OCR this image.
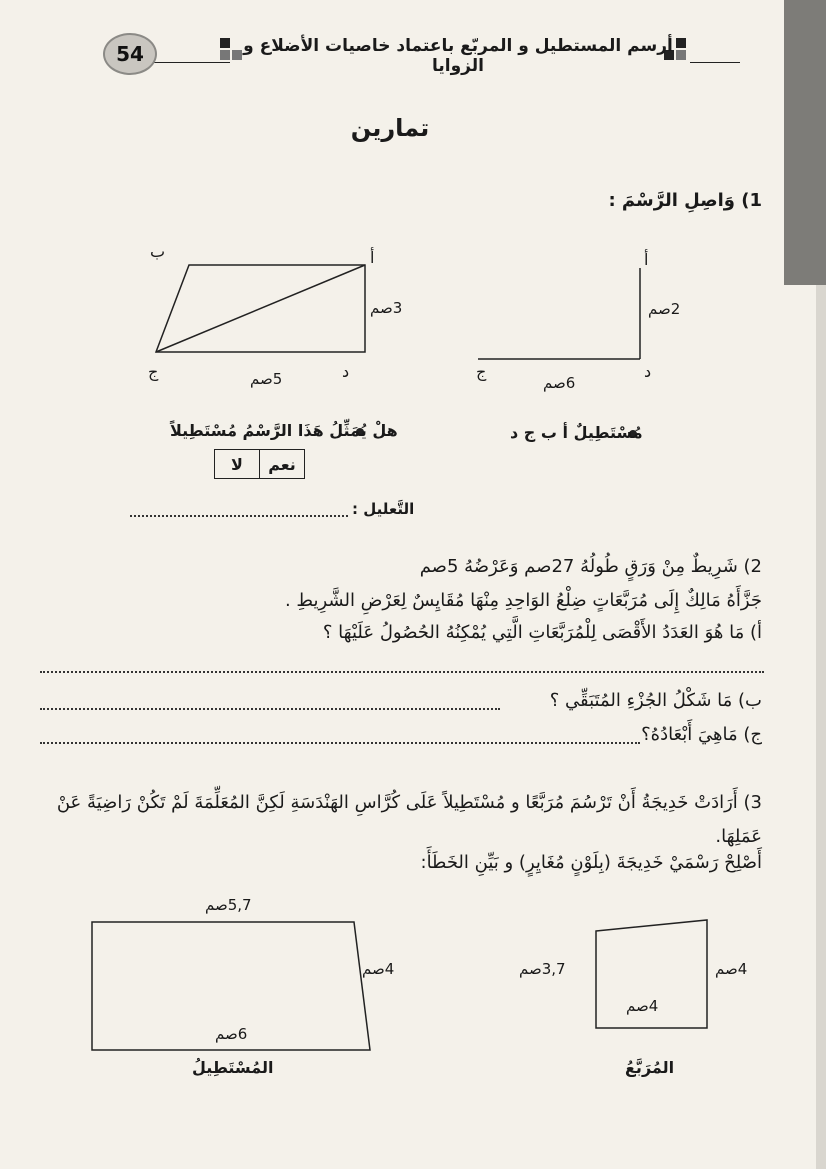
54	أرسم المستطيل و المربّع باعتماد خاصيات الأضلاع و الزوايا
تمارين
1) وَاصِلِ الرَّسْمَ :
أ
د
ج
2صم
6صم
أ
ب
ج	د
3صم
5صم
مُسْتَطِيلٌ أ ب ج د
هلْ يُمَثِّلُ هَذَا الرَّسْمُ مُسْتَطِيلاً
لا	نعم
التَّعليل :
2) شَرِيطٌ مِنْ وَرَقٍ طُولُهُ 27صم وَعَرْضُهُ 5صم
جَزَّأَهُ مَالِكٌ إِلَى مُرَبَّعَاتٍ ضِلْعُ الوَاحِدِ مِنْهَا مُقَايِسٌ لِعَرْضِ الشَّرِيطِ .
أ) مَا هُوَ العَدَدُ الأَقْصَى لِلْمُرَبَّعَاتِ الَّتِي يُمْكِنُهُ الحُصُولُ عَلَيْهَا ؟
ب) مَا شَكْلُ الجُزْءِ المُتَبَقِّي ؟
ج) مَاهِيَ أَبْعَادُهُ؟
3) أَرَادَتْ خَدِيجَةُ أَنْ تَرْسُمَ مُرَبَّعًا و مُسْتَطِيلاً عَلَى كُرَّاسِ الهَنْدَسَةِ لَكِنَّ المُعَلِّمَةَ لَمْ تَكُنْ رَاضِيَةً عَنْ
عَمَلِهَا.
أَصْلِحْ رَسْمَيْ خَدِيجَةَ (بِلَوْنٍ مُغَايِرٍ) و بَيِّنِ الخَطَأَ:
5,7صم
4صم
6صم
المُسْتَطِيلُ
3,7صم	4صم
4صم
المُرَبَّعُ
